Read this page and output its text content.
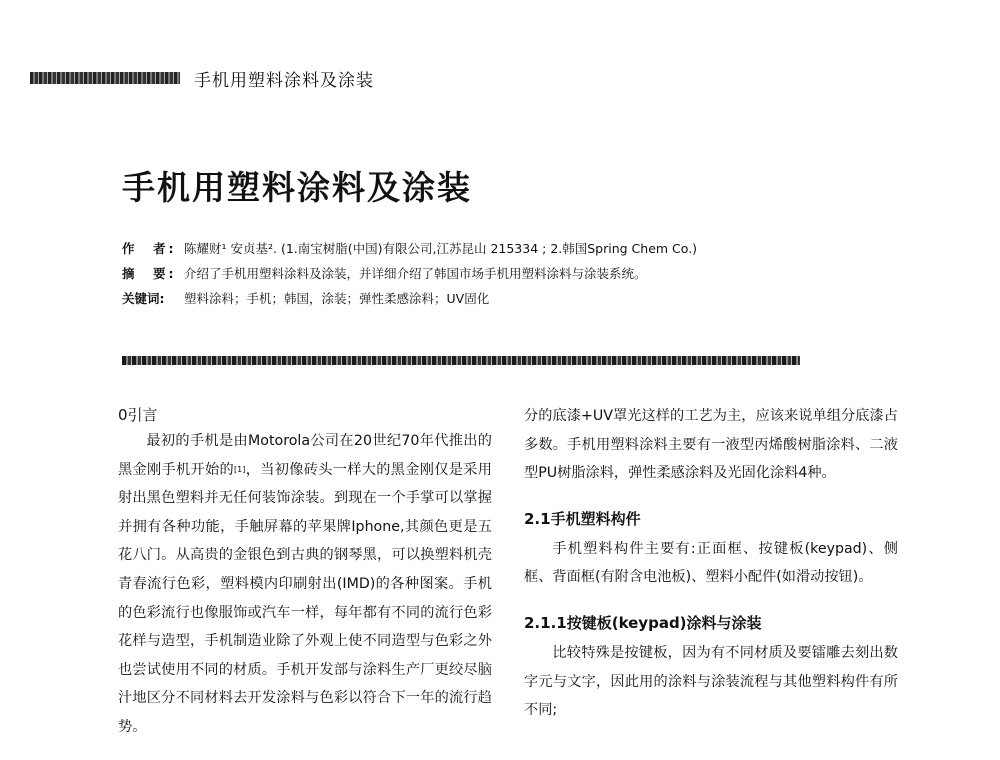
手机用塑料涂料及涂装
手机用塑料涂料及涂装
作　者: 陈耀财¹ 安贞基². (1.南宝树脂(中国)有限公司,江苏昆山 215334 ; 2.韩国Spring Chem Co.)
摘　要: 介绍了手机用塑料涂料及涂装，并详细介绍了韩国市场手机用塑料涂料与涂装系统。
关键词:	塑料涂料；手机；韩国，涂装；弹性柔感涂料；UV固化
0引言

最初的手机是由Motorola公司在20世纪70年代推出的黑金刚手机开始的[1]，当初像砖头一样大的黑金刚仅是采用射出黑色塑料并无任何装饰涂装。到现在一个手掌可以掌握并拥有各种功能，手触屏幕的苹果牌Iphone,其颜色更是五花八门。从高贵的金银色到古典的钢琴黑，可以换塑料机壳青春流行色彩，塑料模内印刷射出(IMD)的各种图案。手机的色彩流行也像服饰或汽车一样，每年都有不同的流行色彩花样与造型，手机制造业除了外观上使不同造型与色彩之外也尝试使用不同的材质。手机开发部与涂料生产厂更绞尽脑汁地区分不同材料去开发涂料与色彩以符合下一年的流行趋势。

分的底漆+UV罩光这样的工艺为主，应该来说单组分底漆占多数。手机用塑料涂料主要有一液型丙烯酸树脂涂料、二液型PU树脂涂料，弹性柔感涂料及光固化涂料4种。

2.1手机塑料构件

手机塑料构件主要有:正面框、按键板(keypad)、侧框、背面框(有附含电池板)、塑料小配件(如滑动按钮)。

2.1.1按键板(keypad)涂料与涂装

比较特殊是按键板，因为有不同材质及要镭雕去刻出数字元与文字，因此用的涂料与涂装流程与其他塑料构件有所不同;
